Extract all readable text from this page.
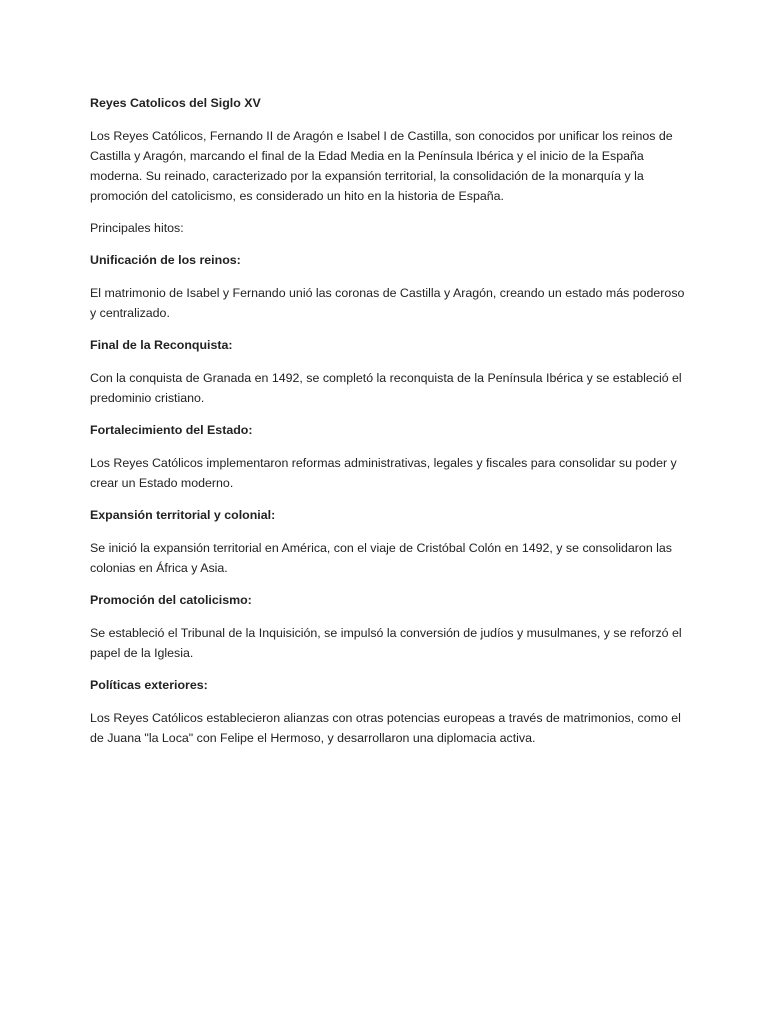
Reyes Catolicos del Siglo XV

Los Reyes Católicos, Fernando II de Aragón e Isabel I de Castilla, son conocidos por unificar los reinos de Castilla y Aragón, marcando el final de la Edad Media en la Península Ibérica y el inicio de la España moderna. Su reinado, caracterizado por la expansión territorial, la consolidación de la monarquía y la promoción del catolicismo, es considerado un hito en la historia de España.

Principales hitos:

Unificación de los reinos:

El matrimonio de Isabel y Fernando unió las coronas de Castilla y Aragón, creando un estado más poderoso y centralizado.

Final de la Reconquista:

Con la conquista de Granada en 1492, se completó la reconquista de la Península Ibérica y se estableció el predominio cristiano.

Fortalecimiento del Estado:

Los Reyes Católicos implementaron reformas administrativas, legales y fiscales para consolidar su poder y crear un Estado moderno.

Expansión territorial y colonial:

Se inició la expansión territorial en América, con el viaje de Cristóbal Colón en 1492, y se consolidaron las colonias en África y Asia.

Promoción del catolicismo:

Se estableció el Tribunal de la Inquisición, se impulsó la conversión de judíos y musulmanes, y se reforzó el papel de la Iglesia.

Políticas exteriores:

Los Reyes Católicos establecieron alianzas con otras potencias europeas a través de matrimonios, como el de Juana "la Loca" con Felipe el Hermoso, y desarrollaron una diplomacia activa.
